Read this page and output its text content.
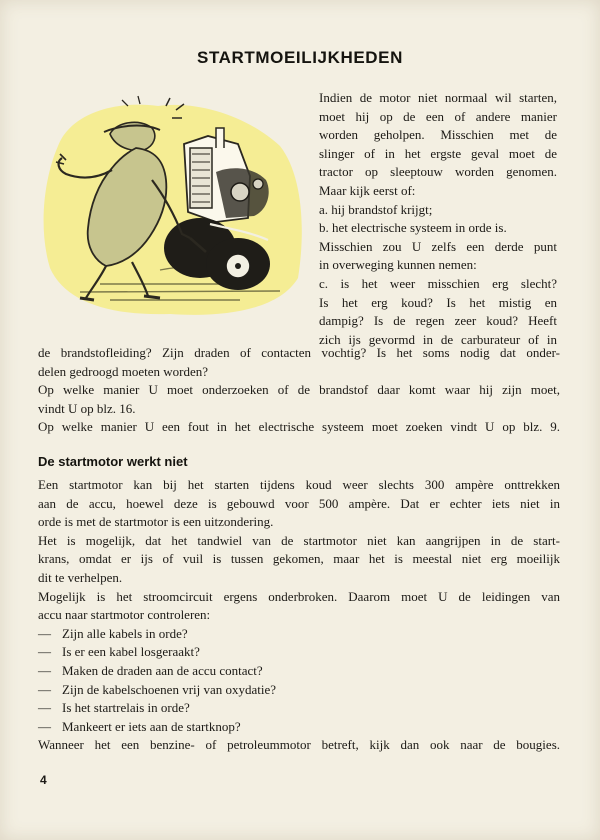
STARTMOEILIJKHEDEN
Indien de motor niet normaal wil starten,
moet hij op de een of andere manier
worden geholpen. Misschien met de
slinger of in het ergste geval moet de
tractor op sleeptouw worden genomen.
Maar kijk eerst of:
a. hij brandstof krijgt;
b. het electrische systeem in orde is.
Misschien zou U zelfs een derde punt
in overweging kunnen nemen:
c. is het weer misschien erg slecht?
Is het erg koud? Is het mistig en
dampig? Is de regen zeer koud? Heeft
zich ijs gevormd in de carburateur of in
de brandstofleiding? Zijn draden of contacten vochtig? Is het soms nodig dat onder-
delen gedroogd moeten worden?
Op welke manier U moet onderzoeken of de brandstof daar komt waar hij zijn moet,
vindt U op blz. 16.
Op welke manier U een fout in het electrische systeem moet zoeken vindt U op blz. 9.
De startmotor werkt niet
Een startmotor kan bij het starten tijdens koud weer slechts 300 ampère onttrekken
aan de accu, hoewel deze is gebouwd voor 500 ampère. Dat er echter iets niet in
orde is met de startmotor is een uitzondering.
Het is mogelijk, dat het tandwiel van de startmotor niet kan aangrijpen in de start-
krans, omdat er ijs of vuil is tussen gekomen, maar het is meestal niet erg moeilijk
dit te verhelpen.
Mogelijk is het stroomcircuit ergens onderbroken. Daarom moet U de leidingen van
accu naar startmotor controleren:
— Zijn alle kabels in orde?
— Is er een kabel losgeraakt?
— Maken de draden aan de accu contact?
— Zijn de kabelschoenen vrij van oxydatie?
— Is het startrelais in orde?
— Mankeert er iets aan de startknop?
Wanneer het een benzine- of petroleummotor betreft, kijk dan ook naar de bougies.
4
